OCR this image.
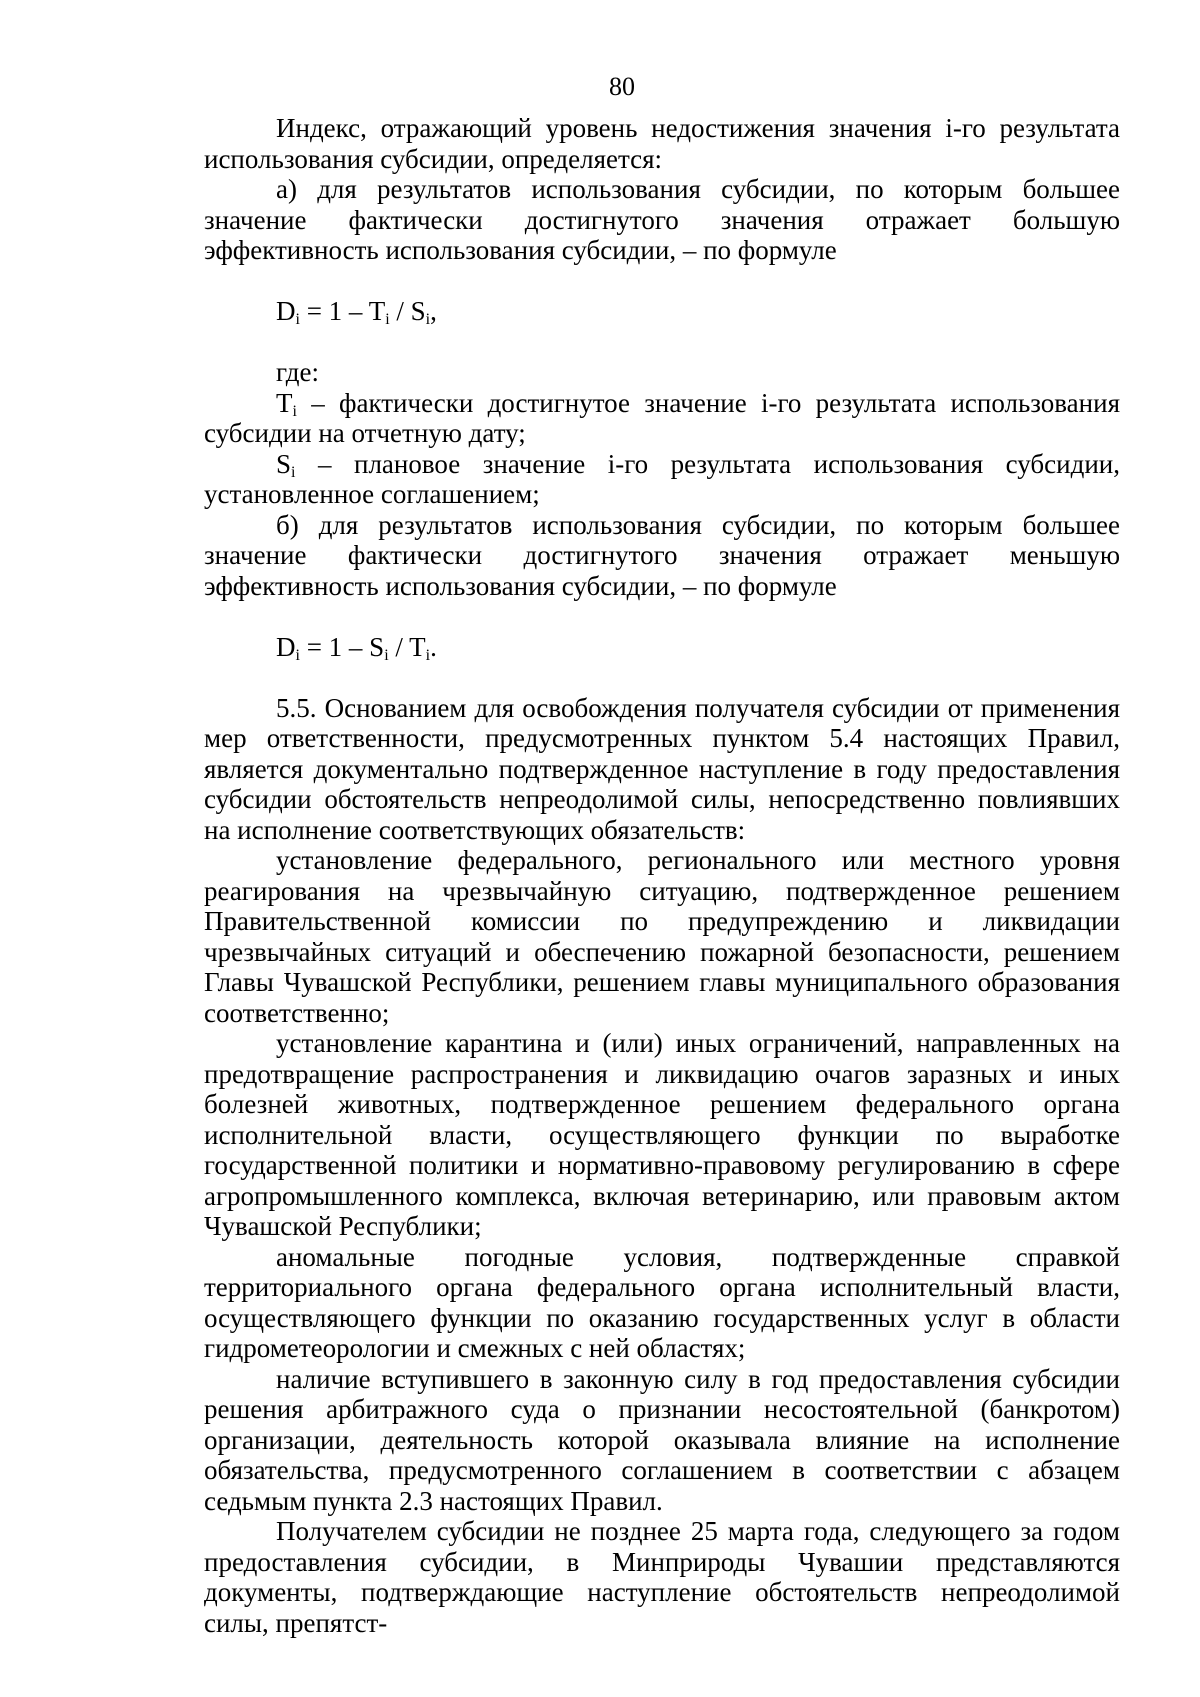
80

Индекс, отражающий уровень недостижения значения i-го результата использования субсидии, определяется:

а) для результатов использования субсидии, по которым большее значение фактически достигнутого значения отражает большую эффективность использования субсидии, – по формуле

$D_i = 1 - T_i / S_i$,

где:

$T_i$ – фактически достигнутое значение i-го результата использования субсидии на отчетную дату;

$S_i$ – плановое значение i-го результата использования субсидии, установленное соглашением;

б) для результатов использования субсидии, по которым большее значение фактически достигнутого значения отражает меньшую эффективность использования субсидии, – по формуле

$D_i = 1 - S_i / T_i$.

5.5. Основанием для освобождения получателя субсидии от применения мер ответственности, предусмотренных пунктом 5.4 настоящих Правил, является документально подтвержденное наступление в году предоставления субсидии обстоятельств непреодолимой силы, непосредственно повлиявших на исполнение соответствующих обязательств:

установление федерального, регионального или местного уровня реагирования на чрезвычайную ситуацию, подтвержденное решением Правительственной комиссии по предупреждению и ликвидации чрезвычайных ситуаций и обеспечению пожарной безопасности, решением Главы Чувашской Республики, решением главы муниципального образования соответственно;

установление карантина и (или) иных ограничений, направленных на предотвращение распространения и ликвидацию очагов заразных и иных болезней животных, подтвержденное решением федерального органа исполнительной власти, осуществляющего функции по выработке государственной политики и нормативно-правовому регулированию в сфере агропромышленного комплекса, включая ветеринарию, или правовым актом Чувашской Республики;

аномальные погодные условия, подтвержденные справкой территориального органа федерального органа исполнительный власти, осуществляющего функции по оказанию государственных услуг в области гидрометеорологии и смежных с ней областях;

наличие вступившего в законную силу в год предоставления субсидии решения арбитражного суда о признании несостоятельной (банкротом) организации, деятельность которой оказывала влияние на исполнение обязательства, предусмотренного соглашением в соответствии с абзацем седьмым пункта 2.3 настоящих Правил.

Получателем субсидии не позднее 25 марта года, следующего за годом предоставления субсидии, в Минприроды Чувашии представляются документы, подтверждающие наступление обстоятельств непреодолимой силы, препятст-
